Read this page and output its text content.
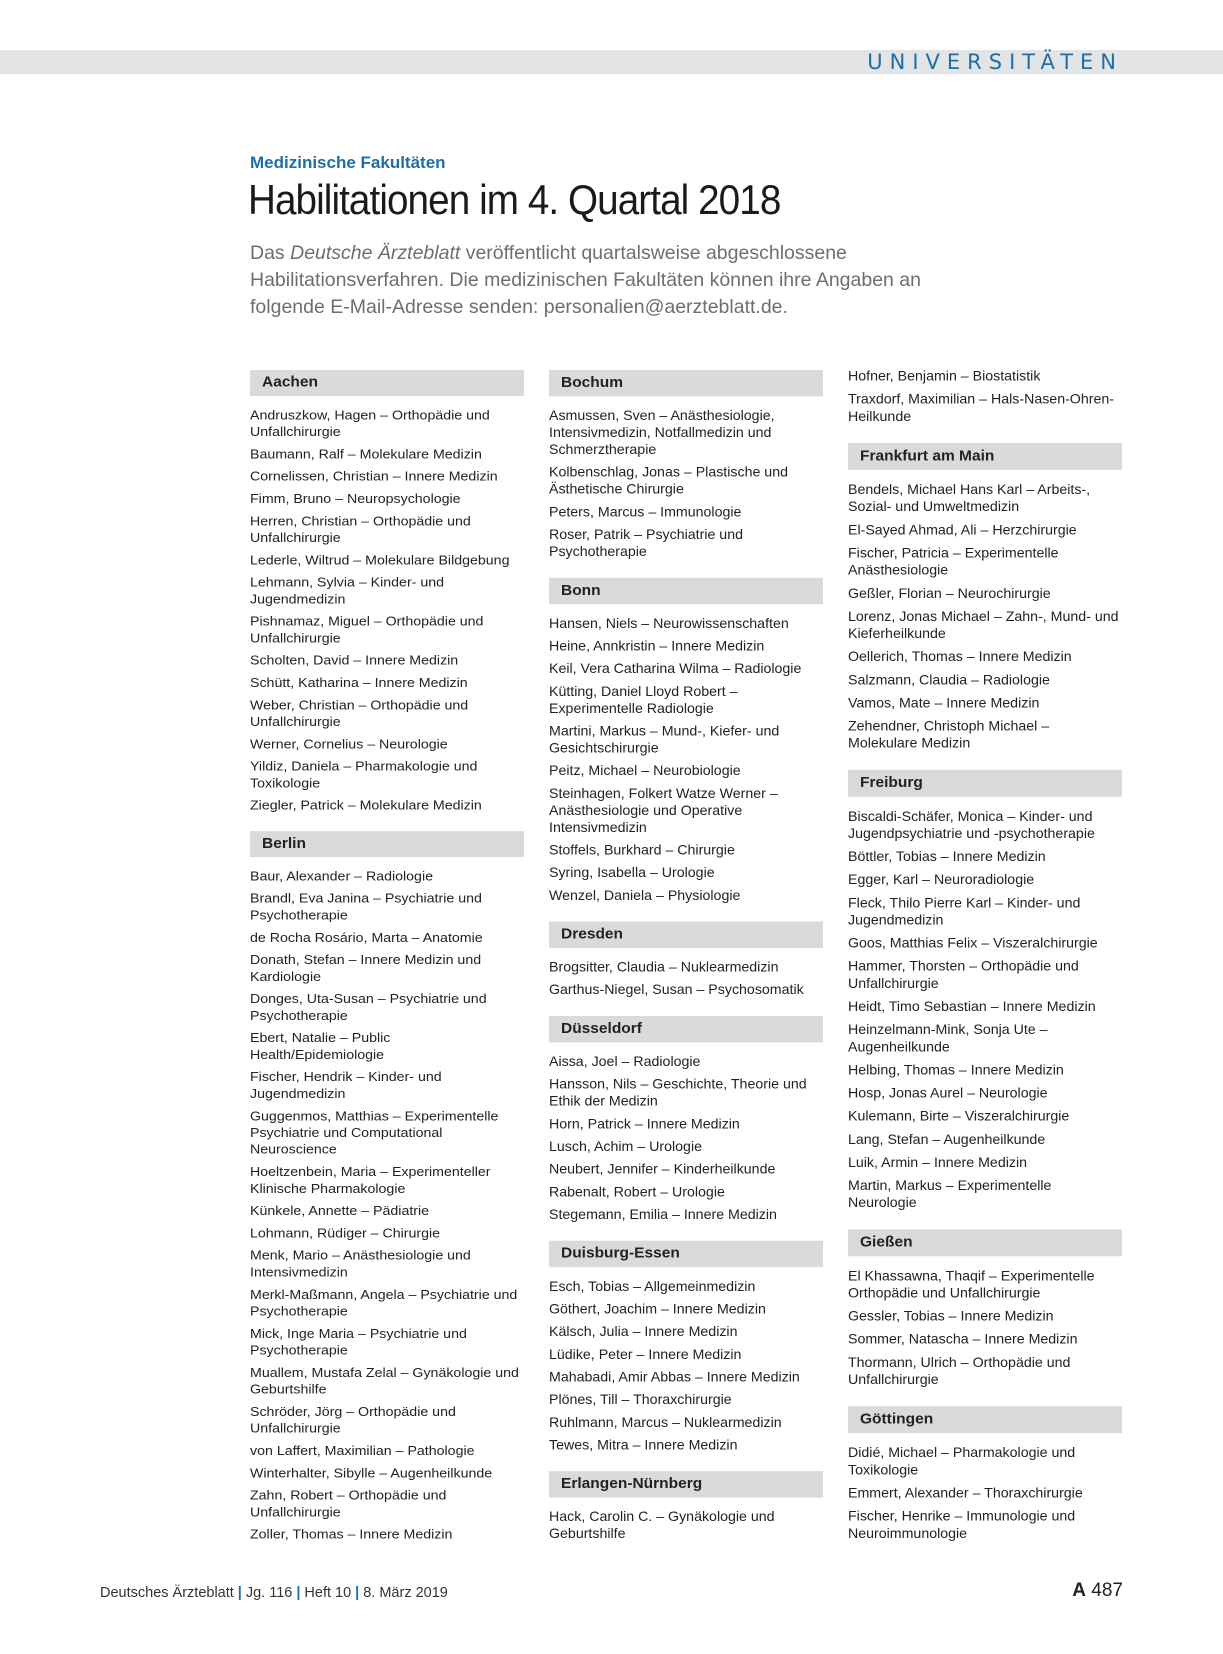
UNIVERSITÄTEN
Medizinische Fakultäten
Habilitationen im 4. Quartal 2018

Das Deutsche Ärzteblatt veröffentlicht quartalsweise abgeschlossene Habilitationsverfahren. Die medizinischen Fakultäten können ihre Angaben an folgende E-Mail-Adresse senden: personalien@aerzteblatt.de.

Aachen
Andruszkow, Hagen – Orthopädie und Unfallchirurgie
Baumann, Ralf – Molekulare Medizin
Cornelissen, Christian – Innere Medizin
Fimm, Bruno – Neuropsychologie
Herren, Christian – Orthopädie und Unfallchirurgie
Lederle, Wiltrud – Molekulare Bildgebung
Lehmann, Sylvia – Kinder- und Jugendmedizin
Pishnamaz, Miguel – Orthopädie und Unfallchirurgie
Scholten, David – Innere Medizin
Schütt, Katharina – Innere Medizin
Weber, Christian – Orthopädie und Unfallchirurgie
Werner, Cornelius – Neurologie
Yildiz, Daniela – Pharmakologie und Toxikologie
Ziegler, Patrick – Molekulare Medizin
Berlin
Baur, Alexander – Radiologie
Brandl, Eva Janina – Psychiatrie und Psychotherapie
de Rocha Rosário, Marta – Anatomie
Donath, Stefan – Innere Medizin und Kardiologie
Donges, Uta-Susan – Psychiatrie und Psychotherapie
Ebert, Natalie – Public Health/Epidemiologie
Fischer, Hendrik – Kinder- und Jugendmedizin
Guggenmos, Matthias – Experimentelle Psychiatrie und Computational Neuroscience
Hoeltzenbein, Maria – Experimenteller Klinische Pharmakologie
Künkele, Annette – Pädiatrie
Lohmann, Rüdiger – Chirurgie
Menk, Mario – Anästhesiologie und Intensivmedizin
Merkl-Maßmann, Angela – Psychiatrie und Psychotherapie
Mick, Inge Maria – Psychiatrie und Psychotherapie
Muallem, Mustafa Zelal – Gynäkologie und Geburtshilfe
Schröder, Jörg – Orthopädie und Unfallchirurgie
von Laffert, Maximilian – Pathologie
Winterhalter, Sibylle – Augenheilkunde
Zahn, Robert – Orthopädie und Unfallchirurgie
Zoller, Thomas – Innere Medizin
Bochum
Asmussen, Sven – Anästhesiologie, Intensivmedizin, Notfallmedizin und Schmerztherapie
Kolbenschlag, Jonas – Plastische und Ästhetische Chirurgie
Peters, Marcus – Immunologie
Roser, Patrik – Psychiatrie und Psychotherapie
Bonn
Hansen, Niels – Neurowissenschaften
Heine, Annkristin – Innere Medizin
Keil, Vera Catharina Wilma – Radiologie
Kütting, Daniel Lloyd Robert – Experimentelle Radiologie
Martini, Markus – Mund-, Kiefer- und Gesichtschirurgie
Peitz, Michael – Neurobiologie
Steinhagen, Folkert Watze Werner – Anästhesiologie und Operative Intensivmedizin
Stoffels, Burkhard – Chirurgie
Syring, Isabella – Urologie
Wenzel, Daniela – Physiologie
Dresden
Brogsitter, Claudia – Nuklearmedizin
Garthus-Niegel, Susan – Psychosomatik
Düsseldorf
Aissa, Joel – Radiologie
Hansson, Nils – Geschichte, Theorie und Ethik der Medizin
Horn, Patrick – Innere Medizin
Lusch, Achim – Urologie
Neubert, Jennifer – Kinderheilkunde
Rabenalt, Robert – Urologie
Stegemann, Emilia – Innere Medizin
Duisburg-Essen
Esch, Tobias – Allgemeinmedizin
Göthert, Joachim – Innere Medizin
Kälsch, Julia – Innere Medizin
Lüdike, Peter – Innere Medizin
Mahabadi, Amir Abbas – Innere Medizin
Plönes, Till – Thoraxchirurgie
Ruhlmann, Marcus – Nuklearmedizin
Tewes, Mitra – Innere Medizin
Erlangen-Nürnberg
Hack, Carolin C. – Gynäkologie und Geburtshilfe
Hofner, Benjamin – Biostatistik
Traxdorf, Maximilian – Hals-Nasen-Ohren-Heilkunde
Frankfurt am Main
Bendels, Michael Hans Karl – Arbeits-, Sozial- und Umweltmedizin
El-Sayed Ahmad, Ali – Herzchirurgie
Fischer, Patricia – Experimentelle Anästhesiologie
Geßler, Florian – Neurochirurgie
Lorenz, Jonas Michael – Zahn-, Mund- und Kieferheilkunde
Oellerich, Thomas – Innere Medizin
Salzmann, Claudia – Radiologie
Vamos, Mate – Innere Medizin
Zehendner, Christoph Michael – Molekulare Medizin
Freiburg
Biscaldi-Schäfer, Monica – Kinder- und Jugendpsychiatrie und -psychotherapie
Böttler, Tobias – Innere Medizin
Egger, Karl – Neuroradiologie
Fleck, Thilo Pierre Karl – Kinder- und Jugendmedizin
Goos, Matthias Felix – Viszeralchirurgie
Hammer, Thorsten – Orthopädie und Unfallchirurgie
Heidt, Timo Sebastian – Innere Medizin
Heinzelmann-Mink, Sonja Ute – Augenheilkunde
Helbing, Thomas – Innere Medizin
Hosp, Jonas Aurel – Neurologie
Kulemann, Birte – Viszeralchirurgie
Lang, Stefan – Augenheilkunde
Luik, Armin – Innere Medizin
Martin, Markus – Experimentelle Neurologie
Gießen
El Khassawna, Thaqif – Experimentelle Orthopädie und Unfallchirurgie
Gessler, Tobias – Innere Medizin
Sommer, Natascha – Innere Medizin
Thormann, Ulrich – Orthopädie und Unfallchirurgie
Göttingen
Didié, Michael – Pharmakologie und Toxikologie
Emmert, Alexander – Thoraxchirurgie
Fischer, Henrike – Immunologie und Neuroimmunologie
Deutsches Ärzteblatt | Jg. 116 | Heft 10 | 8. März 2019	A 487
